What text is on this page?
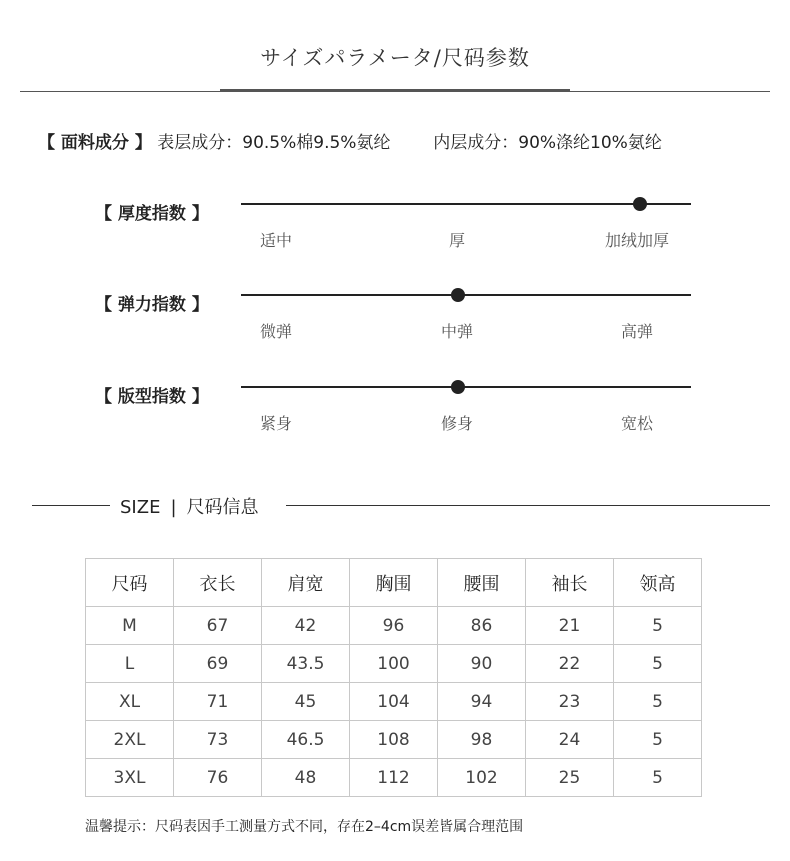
サイズパラメータ/尺码参数
【 面料成分 】 表层成分：90.5%棉9.5%氨纶	内层成分：90%涤纶10%氨纶
【 厚度指数 】
适中	厚	加绒加厚
【 弹力指数 】
微弹	中弹	高弹
【 版型指数 】
紧身	修身	宽松
SIZE | 尺码信息
尺码	衣长	肩宽	胸围	腰围	袖长	领高
M	67	42	96	86	21	5
L	69	43.5	100	90	22	5
XL	71	45	104	94	23	5
2XL	73	46.5	108	98	24	5
3XL	76	48	112	102	25	5
温馨提示：尺码表因手工测量方式不同，存在2–4cm误差皆属合理范围
